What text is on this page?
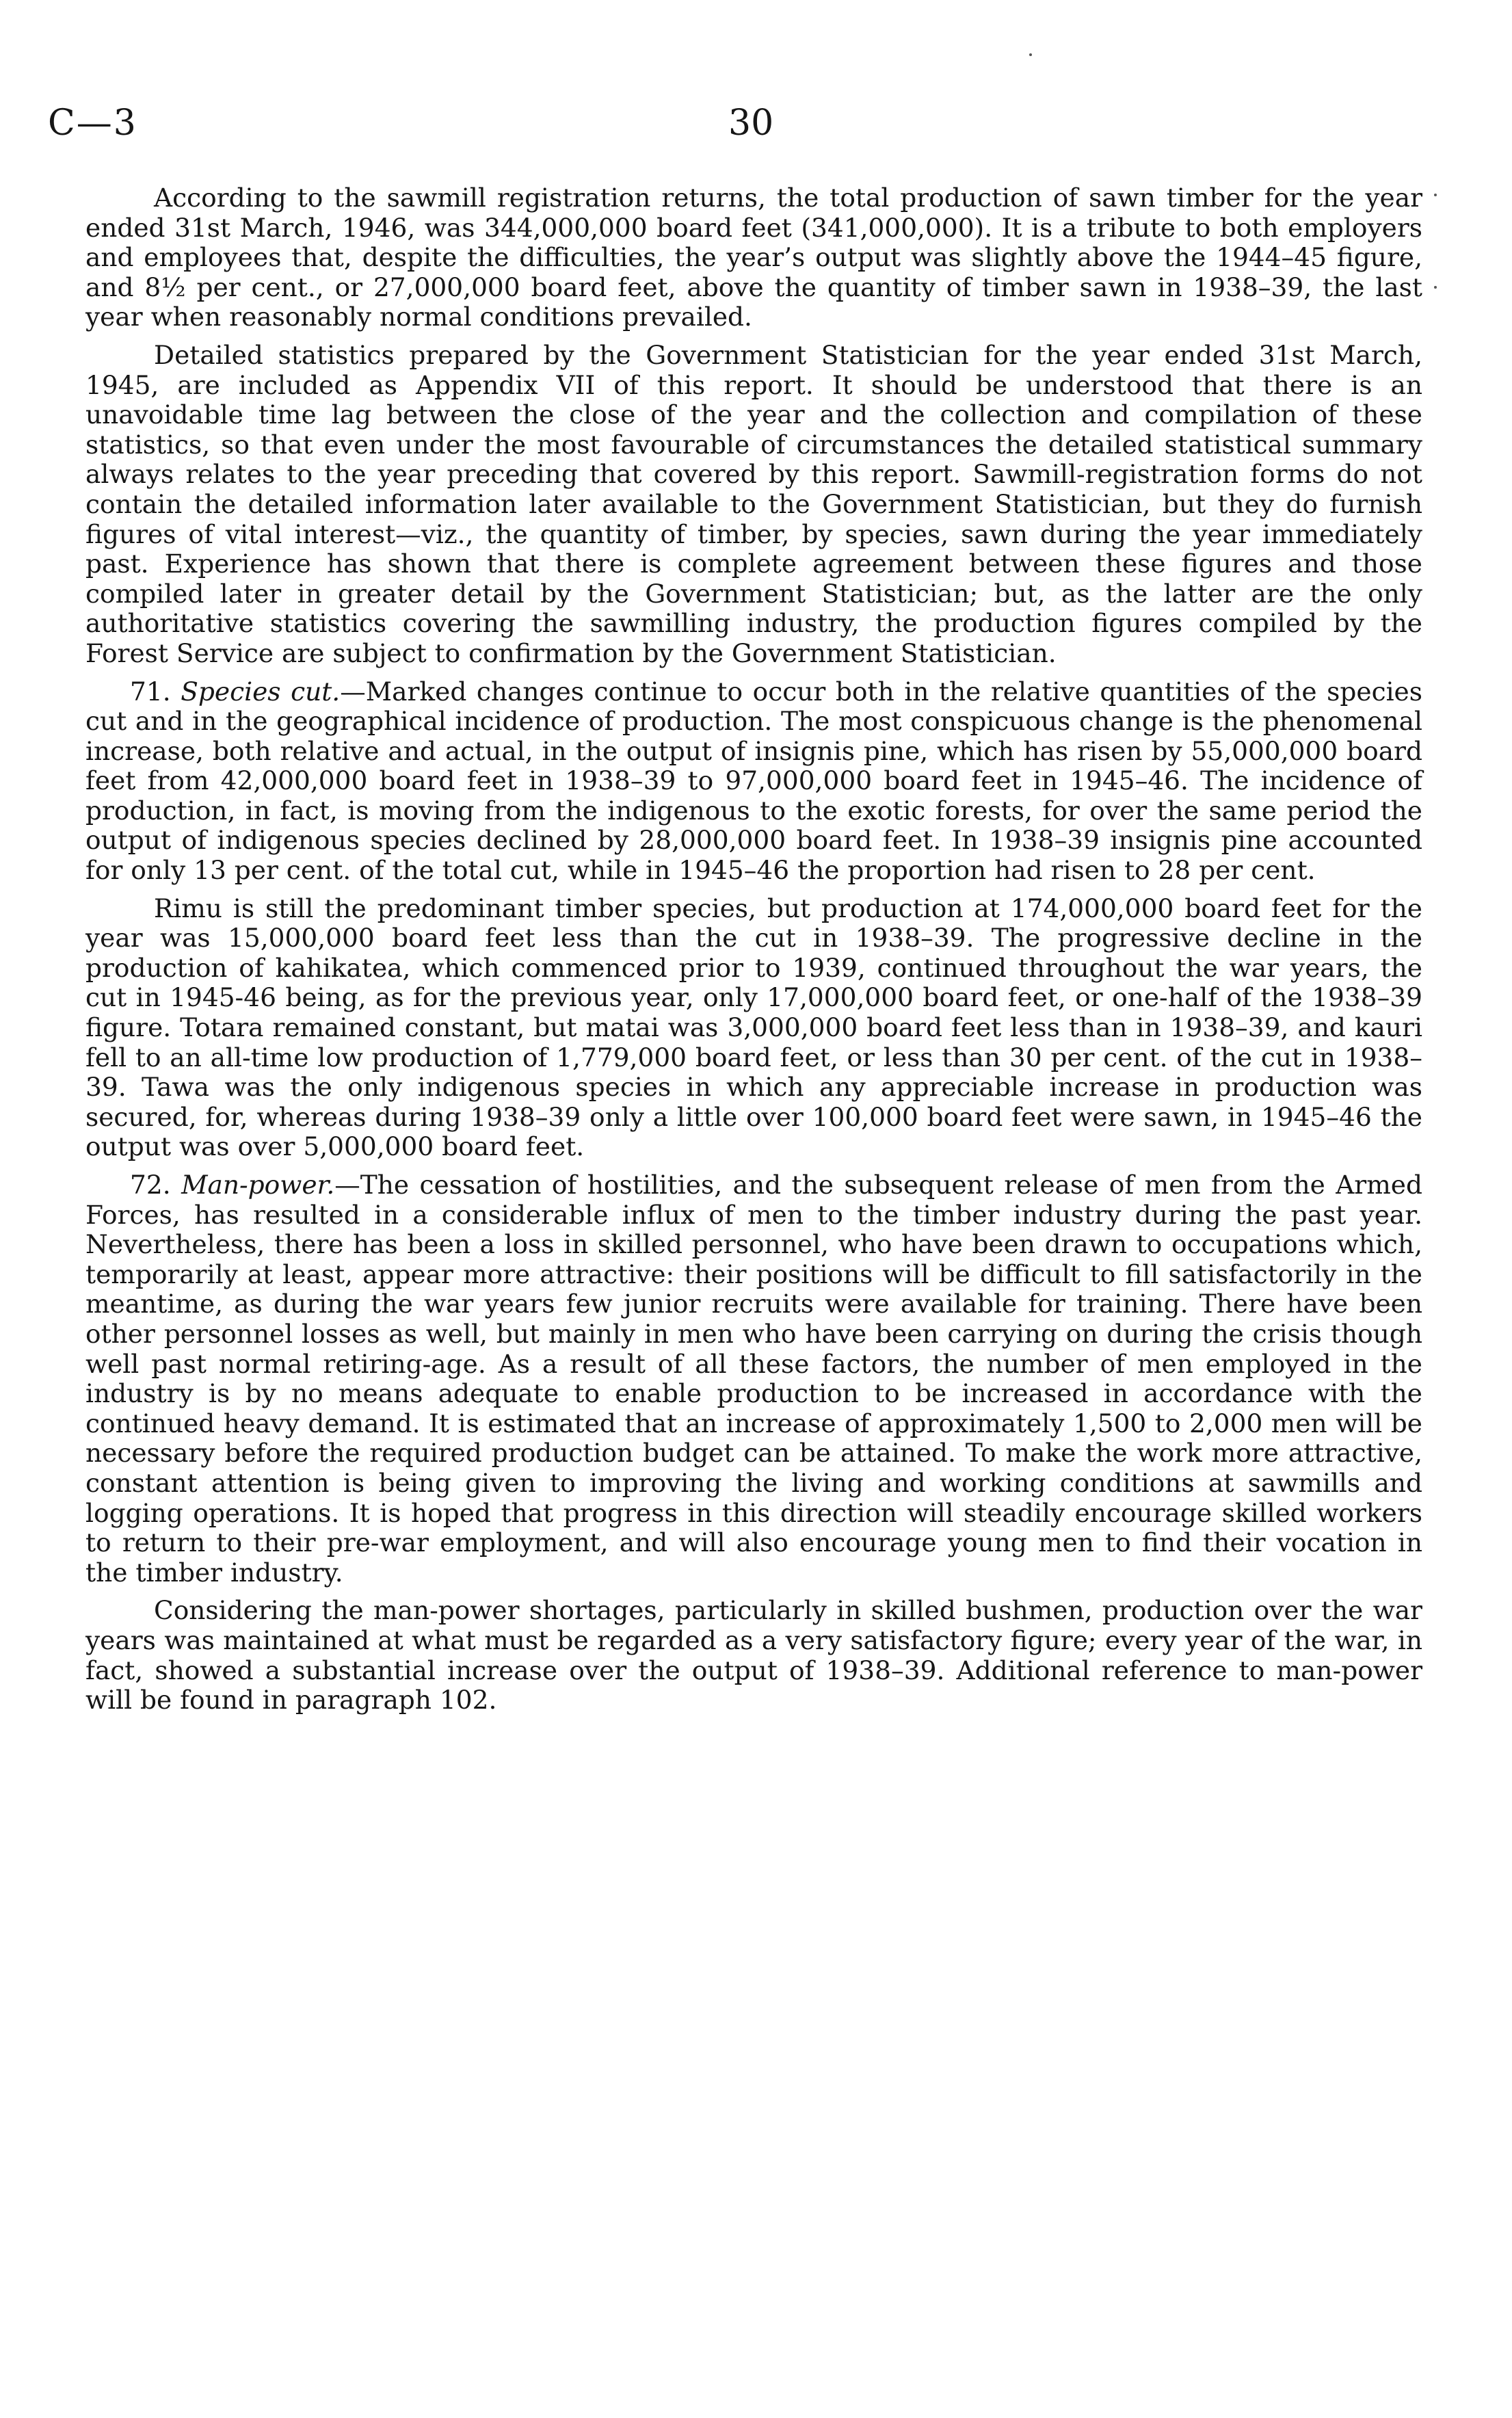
C—3	30

According to the sawmill registration returns, the total production of sawn timber for the year ended 31st March, 1946, was 344,000,000 board feet (341,000,000). It is a tribute to both employers and employees that, despite the difficulties, the year’s output was slightly above the 1944–45 figure, and 8½ per cent., or 27,000,000 board feet, above the quantity of timber sawn in 1938–39, the last year when reasonably normal conditions prevailed.

Detailed statistics prepared by the Government Statistician for the year ended 31st March, 1945, are included as Appendix VII of this report. It should be understood that there is an unavoidable time lag between the close of the year and the collection and compilation of these statistics, so that even under the most favourable of circumstances the detailed statistical summary always relates to the year preceding that covered by this report. Sawmill-registration forms do not contain the detailed information later available to the Government Statistician, but they do furnish figures of vital interest—viz., the quantity of timber, by species, sawn during the year immediately past. Experience has shown that there is complete agreement between these figures and those compiled later in greater detail by the Government Statistician; but, as the latter are the only authoritative statistics covering the sawmilling industry, the production figures compiled by the Forest Service are subject to confirmation by the Government Statistician.

71. Species cut.—Marked changes continue to occur both in the relative quantities of the species cut and in the geographical incidence of production. The most conspicuous change is the phenomenal increase, both relative and actual, in the output of insignis pine, which has risen by 55,000,000 board feet from 42,000,000 board feet in 1938–39 to 97,000,000 board feet in 1945–46. The incidence of production, in fact, is moving from the indigenous to the exotic forests, for over the same period the output of indigenous species declined by 28,000,000 board feet. In 1938–39 insignis pine accounted for only 13 per cent. of the total cut, while in 1945–46 the proportion had risen to 28 per cent.

Rimu is still the predominant timber species, but production at 174,000,000 board feet for the year was 15,000,000 board feet less than the cut in 1938–39. The progressive decline in the production of kahikatea, which commenced prior to 1939, continued throughout the war years, the cut in 1945-46 being, as for the previous year, only 17,000,000 board feet, or one-half of the 1938–39 figure. Totara remained constant, but matai was 3,000,000 board feet less than in 1938–39, and kauri fell to an all-time low production of 1,779,000 board feet, or less than 30 per cent. of the cut in 1938–39. Tawa was the only indigenous species in which any appreciable increase in production was secured, for, whereas during 1938–39 only a little over 100,000 board feet were sawn, in 1945–46 the output was over 5,000,000 board feet.

72. Man-power.—The cessation of hostilities, and the subsequent release of men from the Armed Forces, has resulted in a considerable influx of men to the timber industry during the past year. Nevertheless, there has been a loss in skilled personnel, who have been drawn to occupations which, temporarily at least, appear more attractive: their positions will be difficult to fill satisfactorily in the meantime, as during the war years few junior recruits were available for training. There have been other personnel losses as well, but mainly in men who have been carrying on during the crisis though well past normal retiring-age. As a result of all these factors, the number of men employed in the industry is by no means adequate to enable production to be increased in accordance with the continued heavy demand. It is estimated that an increase of approximately 1,500 to 2,000 men will be necessary before the required production budget can be attained. To make the work more attractive, constant attention is being given to improving the living and working conditions at sawmills and logging operations. It is hoped that progress in this direction will steadily encourage skilled workers to return to their pre-war employment, and will also encourage young men to find their vocation in the timber industry.

Considering the man-power shortages, particularly in skilled bushmen, production over the war years was maintained at what must be regarded as a very satisfactory figure; every year of the war, in fact, showed a substantial increase over the output of 1938–39. Additional reference to man-power will be found in paragraph 102.
